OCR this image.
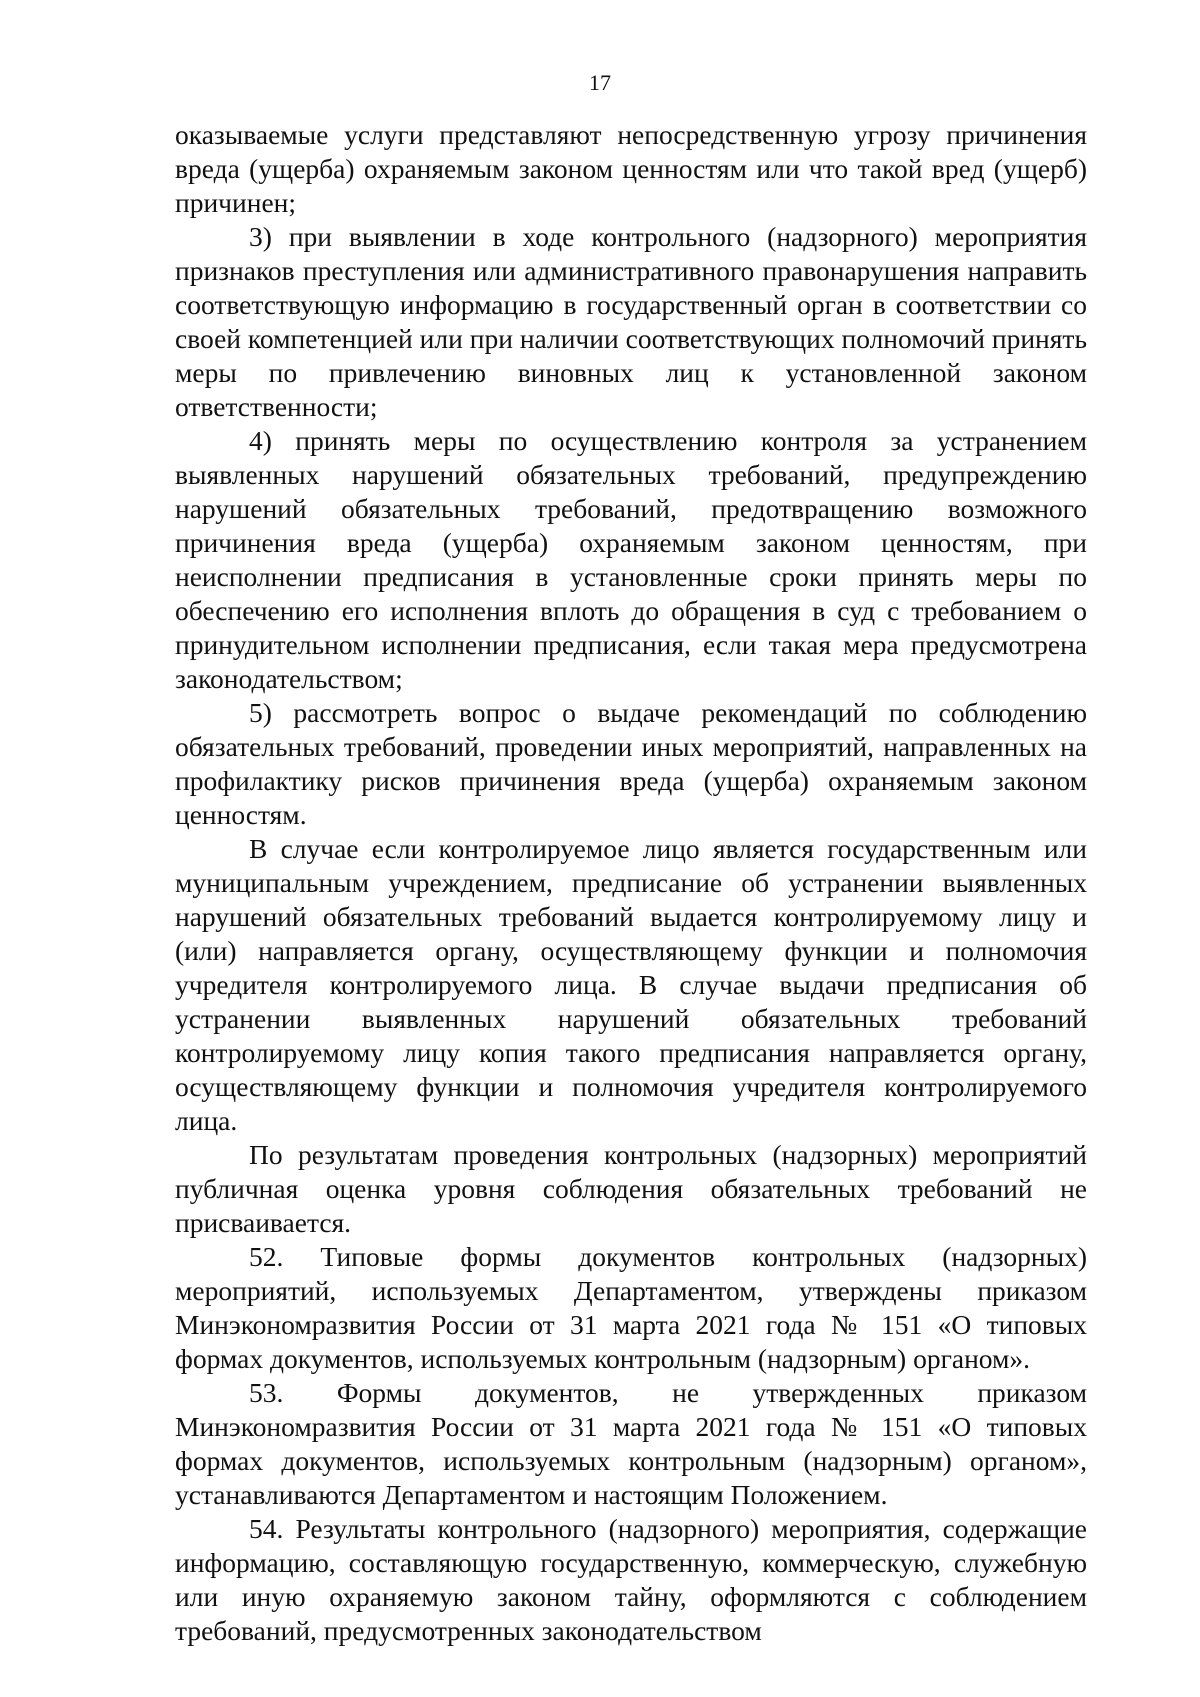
17

оказываемые услуги представляют непосредственную угрозу причинения вреда (ущерба) охраняемым законом ценностям или что такой вред (ущерб) причинен;

3) при выявлении в ходе контрольного (надзорного) мероприятия признаков преступления или административного правонарушения направить соответствующую информацию в государственный орган в соответствии со своей компетенцией или при наличии соответствующих полномочий принять меры по привлечению виновных лиц к установленной законом ответственности;

4) принять меры по осуществлению контроля за устранением выявленных нарушений обязательных требований, предупреждению нарушений обязательных требований, предотвращению возможного причинения вреда (ущерба) охраняемым законом ценностям, при неисполнении предписания в установленные сроки принять меры по обеспечению его исполнения вплоть до обращения в суд с требованием о принудительном исполнении предписания, если такая мера предусмотрена законодательством;

5) рассмотреть вопрос о выдаче рекомендаций по соблюдению обязательных требований, проведении иных мероприятий, направленных на профилактику рисков причинения вреда (ущерба) охраняемым законом ценностям.

В случае если контролируемое лицо является государственным или муниципальным учреждением, предписание об устранении выявленных нарушений обязательных требований выдается контролируемому лицу и (или) направляется органу, осуществляющему функции и полномочия учредителя контролируемого лица. В случае выдачи предписания об устранении выявленных нарушений обязательных требований контролируемому лицу копия такого предписания направляется органу, осуществляющему функции и полномочия учредителя контролируемого лица.

По результатам проведения контрольных (надзорных) мероприятий публичная оценка уровня соблюдения обязательных требований не присваивается.

52. Типовые формы документов контрольных (надзорных) мероприятий, используемых Департаментом, утверждены приказом Минэкономразвития России от 31 марта 2021 года № 151 «О типовых формах документов, используемых контрольным (надзорным) органом».

53. Формы документов, не утвержденных приказом Минэкономразвития России от 31 марта 2021 года № 151 «О типовых формах документов, используемых контрольным (надзорным) органом», устанавливаются Департаментом и настоящим Положением.

54. Результаты контрольного (надзорного) мероприятия, содержащие информацию, составляющую государственную, коммерческую, служебную или иную охраняемую законом тайну, оформляются с соблюдением требований, предусмотренных законодательством
